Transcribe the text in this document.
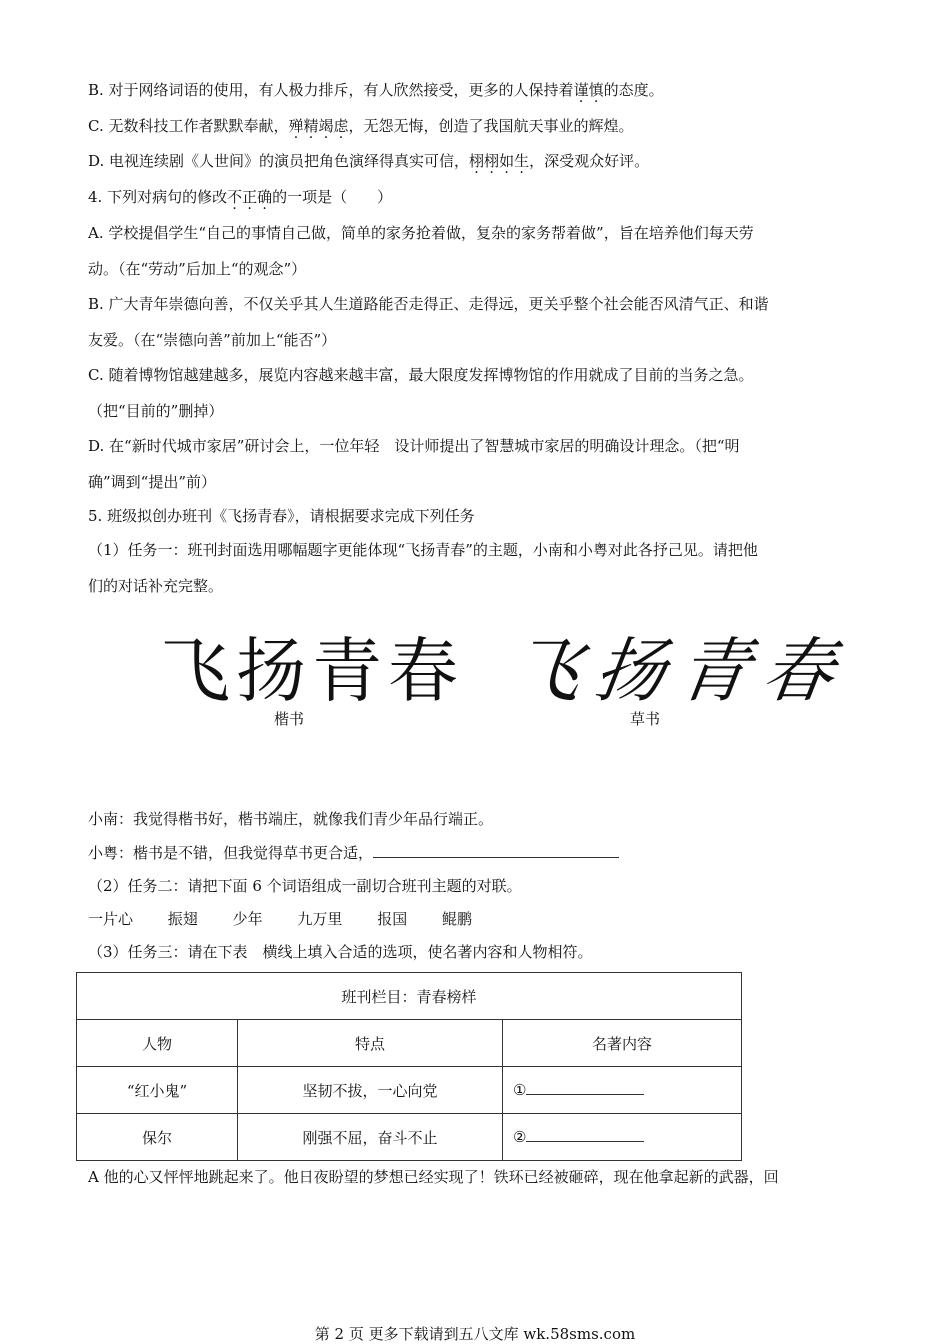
B. 对于网络词语的使用，有人极力排斥，有人欣然接受，更多的人保持着谨慎的态度。
C. 无数科技工作者默默奉献，殚精竭虑，无怨无悔，创造了我国航天事业的辉煌。
D. 电视连续剧《人世间》的演员把角色演绎得真实可信，栩栩如生，深受观众好评。
4. 下列对病句的修改不正确的一项是（　　）
A. 学校提倡学生“自己的事情自己做，简单的家务抢着做，复杂的家务帮着做”，旨在培养他们每天劳
动。（在“劳动”后加上“的观念”）
B. 广大青年崇德向善，不仅关乎其人生道路能否走得正、走得远，更关乎整个社会能否风清气正、和谐
友爱。（在“崇德向善”前加上“能否”）
C. 随着博物馆越建越多，展览内容越来越丰富，最大限度发挥博物馆的作用就成了目前的当务之急。
（把“目前的”删掉）
D. 在“新时代城市家居”研讨会上，一位年轻　设计师提出了智慧城市家居的明确设计理念。（把“明
确”调到“提出”前）
5. 班级拟创办班刊《飞扬青春》，请根据要求完成下列任务
（1）任务一：班刊封面选用哪幅题字更能体现“飞扬青春”的主题，小南和小粤对此各抒己见。请把他
们的对话补充完整。
飞扬青春 飞扬青春
楷书	草书
小南：我觉得楷书好，楷书端庄，就像我们青少年品行端正。
小粤：楷书是不错，但我觉得草书更合适，
（2）任务二：请把下面 6 个词语组成一副切合班刊主题的对联。
一片心 振翅 少年 九万里 报国 鲲鹏
（3）任务三：请在下表　横线上填入合适的选项，使名著内容和人物相符。
班刊栏目：青春榜样		
人物	特点	名著内容
“红小鬼”	坚韧不拔，一心向党	①
保尔	刚强不屈，奋斗不止	②
A 他的心又怦怦地跳起来了。他日夜盼望的梦想已经实现了！铁环已经被砸碎，现在他拿起新的武器，回
第 2 页 更多下载请到五八文库 wk.58sms.com
